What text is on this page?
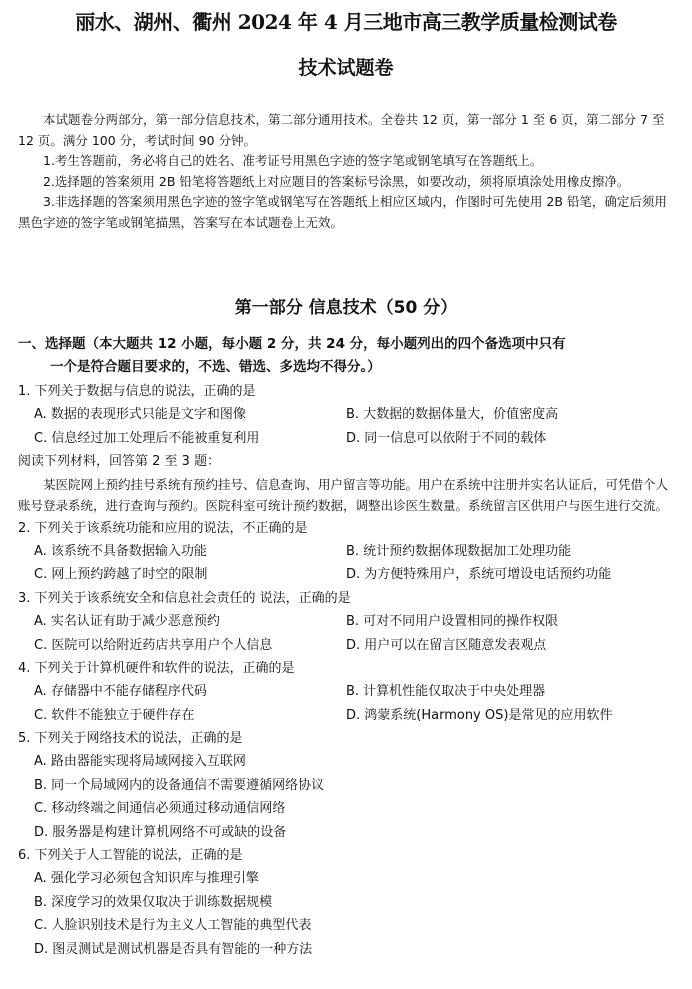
丽水、湖州、衢州 2024 年 4 月三地市高三教学质量检测试卷
技术试题卷

本试题卷分两部分，第一部分信息技术，第二部分通用技术。全卷共 12 页，第一部分 1 至 6 页，第二部分 7 至 12 页。满分 100 分，考试时间 90 分钟。

1.考生答题前，务必将自己的姓名、准考证号用黑色字迹的签字笔或钢笔填写在答题纸上。

2.选择题的答案须用 2B 铅笔将答题纸上对应题目的答案标号涂黑，如要改动，须将原填涂处用橡皮擦净。

3.非选择题的答案须用黑色字迹的签字笔或钢笔写在答题纸上相应区域内，作图时可先使用 2B 铅笔，确定后须用黑色字迹的签字笔或钢笔描黑，答案写在本试题卷上无效。

第一部分 信息技术（50 分）
一、选择题（本大题共 12 小题，每小题 2 分，共 24 分，每小题列出的四个备选项中只有
一个是符合题目要求的，不选、错选、多选均不得分。）
1. 下列关于数据与信息的说法，正确的是
A. 数据的表现形式只能是文字和图像	B. 大数据的数据体量大，价值密度高
C. 信息经过加工处理后不能被重复利用	D. 同一信息可以依附于不同的载体
阅读下列材料，回答第 2 至 3 题：

某医院网上预约挂号系统有预约挂号、信息查询、用户留言等功能。用户在系统中注册并实名认证后，可凭借个人账号登录系统，进行查询与预约。医院科室可统计预约数据，调整出诊医生数量。系统留言区供用户与医生进行交流。

2. 下列关于该系统功能和应用的说法，不正确的是
A. 该系统不具备数据输入功能	B. 统计预约数据体现数据加工处理功能
C. 网上预约跨越了时空的限制	D. 为方便特殊用户，系统可增设电话预约功能
3. 下列关于该系统安全和信息社会责任的 说法，正确的是
A. 实名认证有助于减少恶意预约	B. 可对不同用户设置相同的操作权限
C. 医院可以给附近药店共享用户个人信息	D. 用户可以在留言区随意发表观点
4. 下列关于计算机硬件和软件的说法，正确的是
A. 存储器中不能存储程序代码	B. 计算机性能仅取决于中央处理器
C. 软件不能独立于硬件存在	D. 鸿蒙系统(Harmony OS)是常见的应用软件
5. 下列关于网络技术的说法，正确的是
A. 路由器能实现将局域网接入互联网
B. 同一个局域网内的设备通信不需要遵循网络协议
C. 移动终端之间通信必须通过移动通信网络
D. 服务器是构建计算机网络不可或缺的设备
6. 下列关于人工智能的说法，正确的是
A. 强化学习必须包含知识库与推理引擎
B. 深度学习的效果仅取决于训练数据规模
C. 人脸识别技术是行为主义人工智能的典型代表
D. 图灵测试是测试机器是否具有智能的一种方法
